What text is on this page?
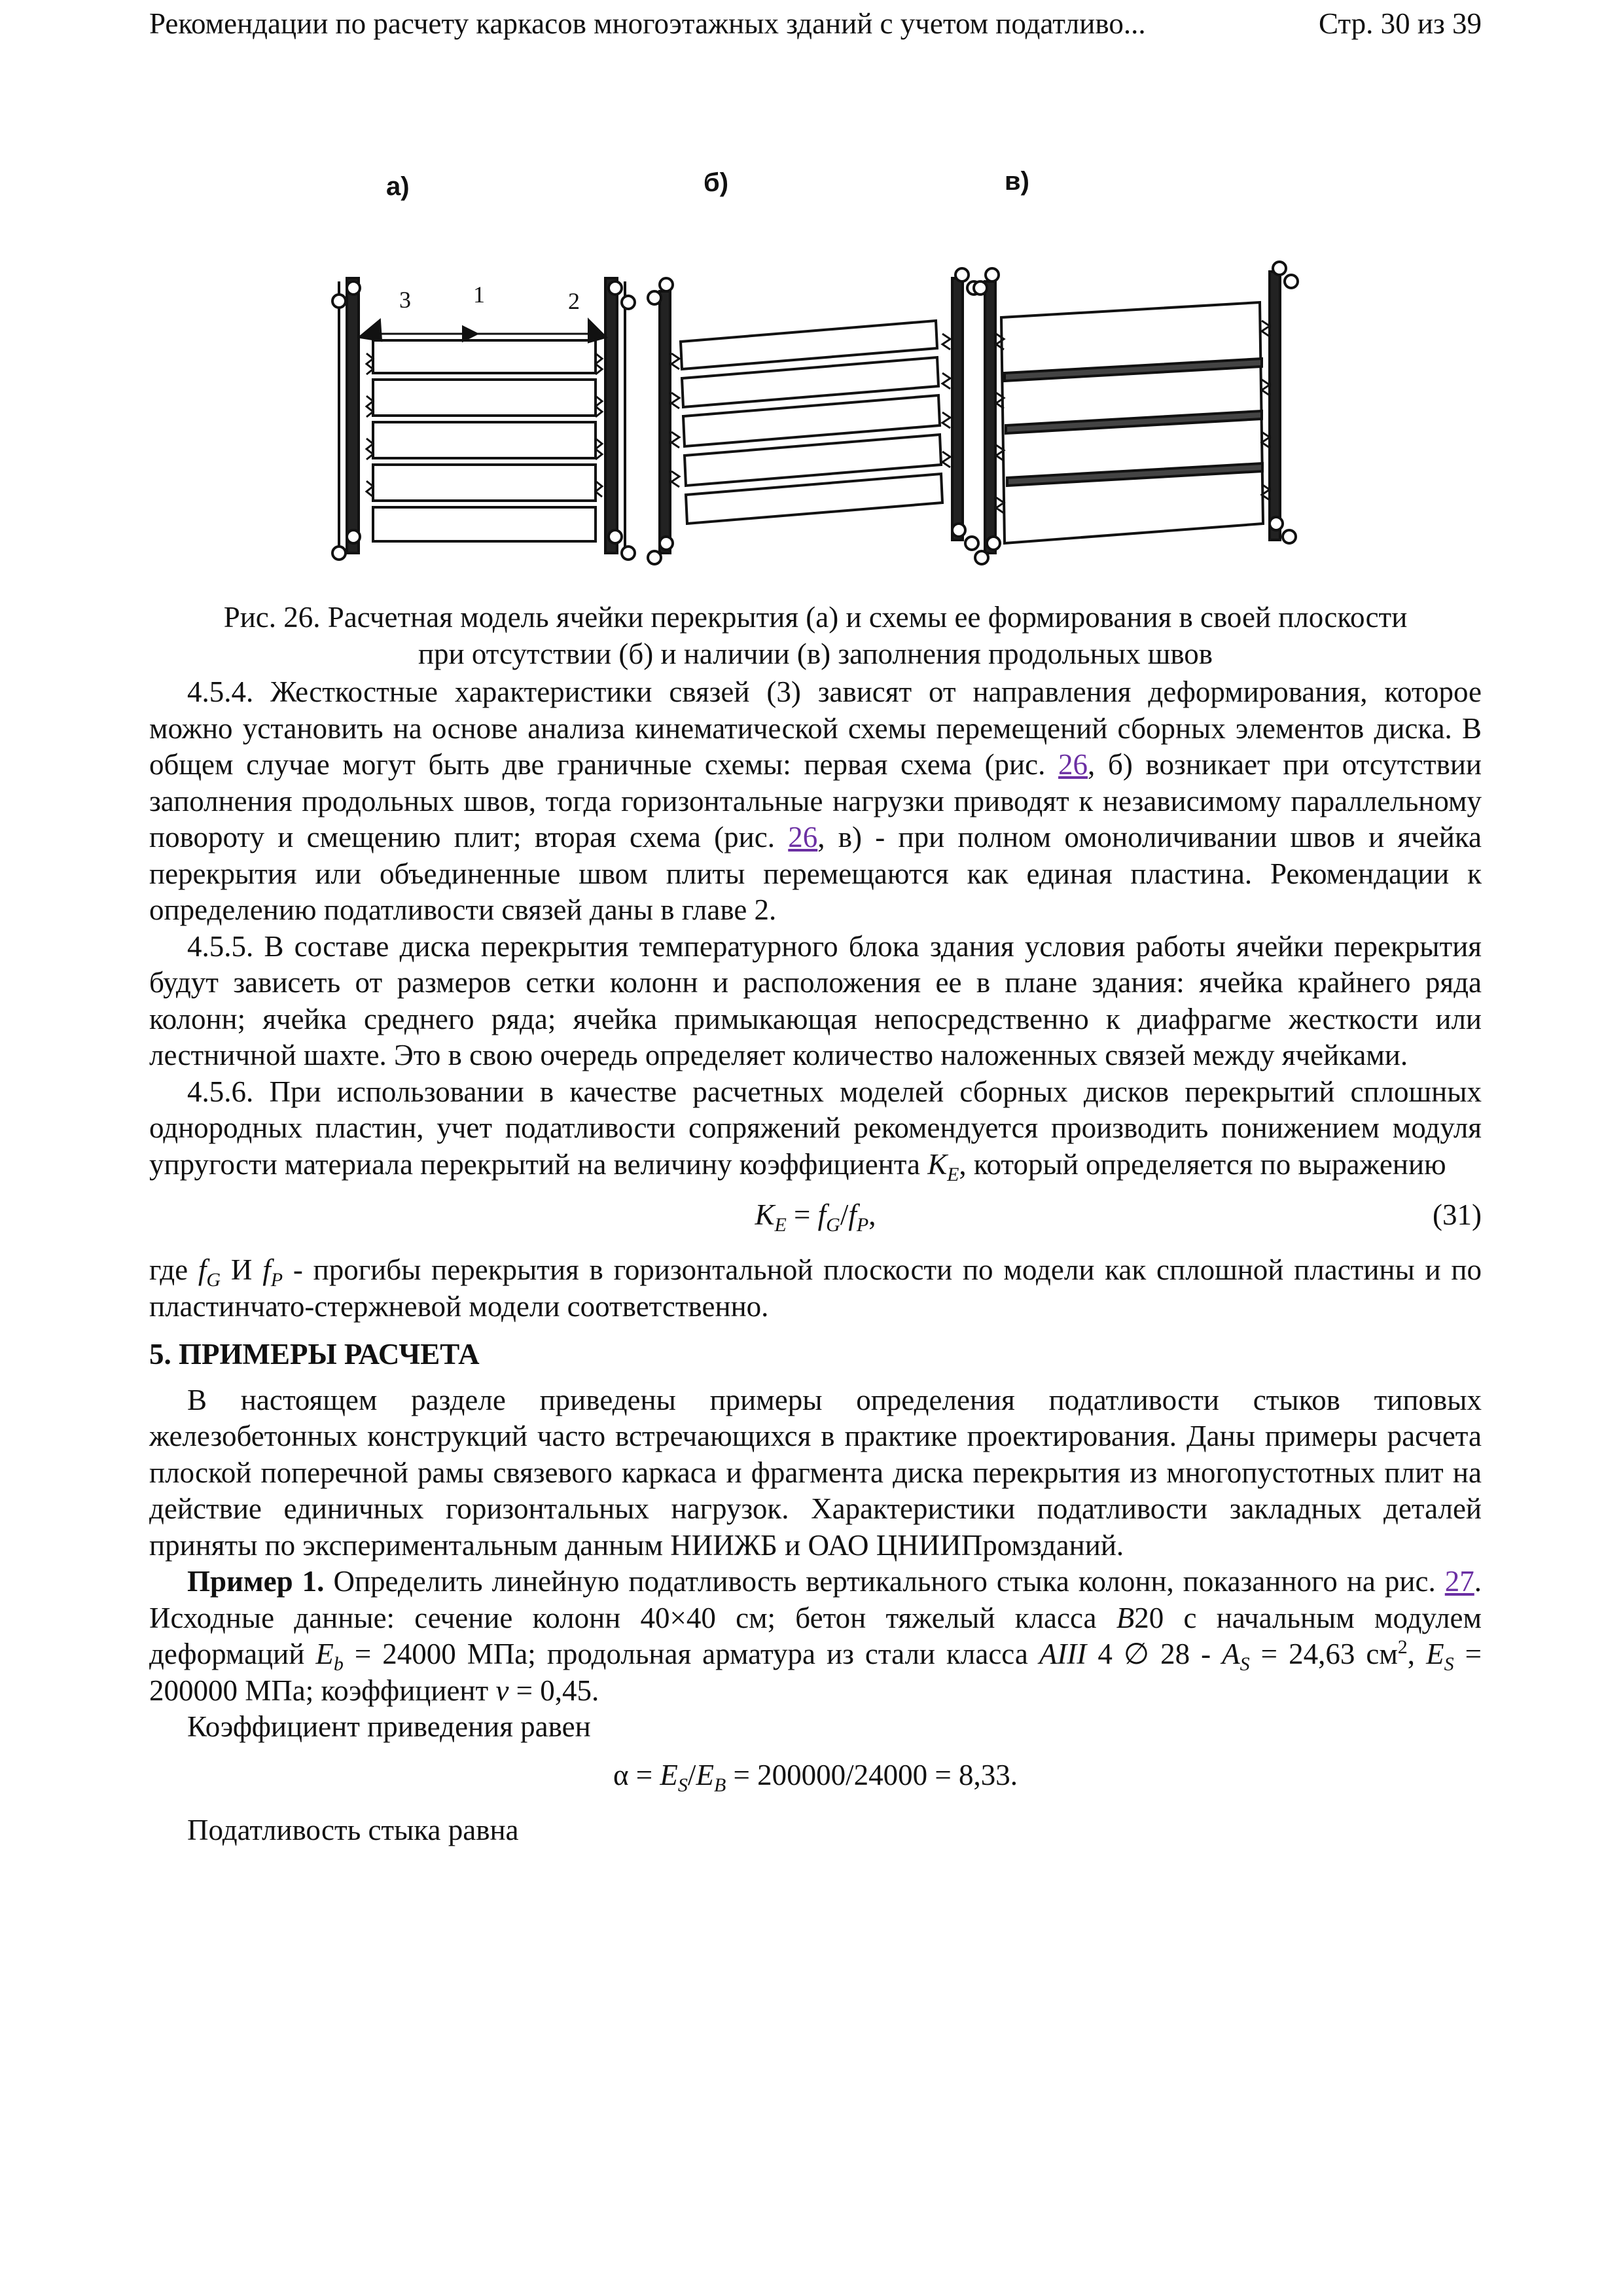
Рекомендации по расчету каркасов многоэтажных зданий с учетом податливо...	Стр. 30 из 39
а)	б)	в)
3	1	2
Рис. 26. Расчетная модель ячейки перекрытия (а) и схемы ее формирования в своей плоскости
при отсутствии (б) и наличии (в) заполнения продольных швов

4.5.4. Жесткостные характеристики связей (3) зависят от направления деформирования, которое можно установить на основе анализа кинематической схемы перемещений сборных элементов диска. В общем случае могут быть две граничные схемы: первая схема (рис. 26, б) возникает при отсутствии заполнения продольных швов, тогда горизонтальные нагрузки приводят к независимому параллельному повороту и смещению плит; вторая схема (рис. 26, в) - при полном омоноличивании швов и ячейка перекрытия или объединенные швом плиты перемещаются как единая пластина. Рекомендации к определению податливости связей даны в главе 2.

4.5.5. В составе диска перекрытия температурного блока здания условия работы ячейки перекрытия будут зависеть от размеров сетки колонн и расположения ее в плане здания: ячейка крайнего ряда колонн; ячейка среднего ряда; ячейка примыкающая непосредственно к диафрагме жесткости или лестничной шахте. Это в свою очередь определяет количество наложенных связей между ячейками.

4.5.6. При использовании в качестве расчетных моделей сборных дисков перекрытий сплошных однородных пластин, учет податливости сопряжений рекомендуется производить понижением модуля упругости материала перекрытий на величину коэффициента $К_E$, который определяется по выражению

$К_E = f_G/f_P$,	(31)

где $f_G$ И $f_P$ - прогибы перекрытия в горизонтальной плоскости по модели как сплошной пластины и по пластинчато-стержневой модели соответственно.

5. ПРИМЕРЫ РАСЧЕТА

В настоящем разделе приведены примеры определения податливости стыков типовых железобетонных конструкций часто встречающихся в практике проектирования. Даны примеры расчета плоской поперечной рамы связевого каркаса и фрагмента диска перекрытия из многопустотных плит на действие единичных горизонтальных нагрузок. Характеристики податливости закладных деталей приняты по экспериментальным данным НИИЖБ и ОАО ЦНИИПромзданий.

Пример 1. Определить линейную податливость вертикального стыка колонн, показанного на рис. 27. Исходные данные: сечение колонн 40×40 см; бетон тяжелый класса В20 с начальным модулем деформаций $E_b = 24000$ МПа; продольная арматура из стали класса АIII 4 ∅ $28 - А_S = 24,63$ $см^2$, $E_S = 200000$ МПа; коэффициент ν = 0,45.

Коэффициент приведения равен

$\alpha = E_S/E_B = 200000/24000 = 8,33$.

Податливость стыка равна
